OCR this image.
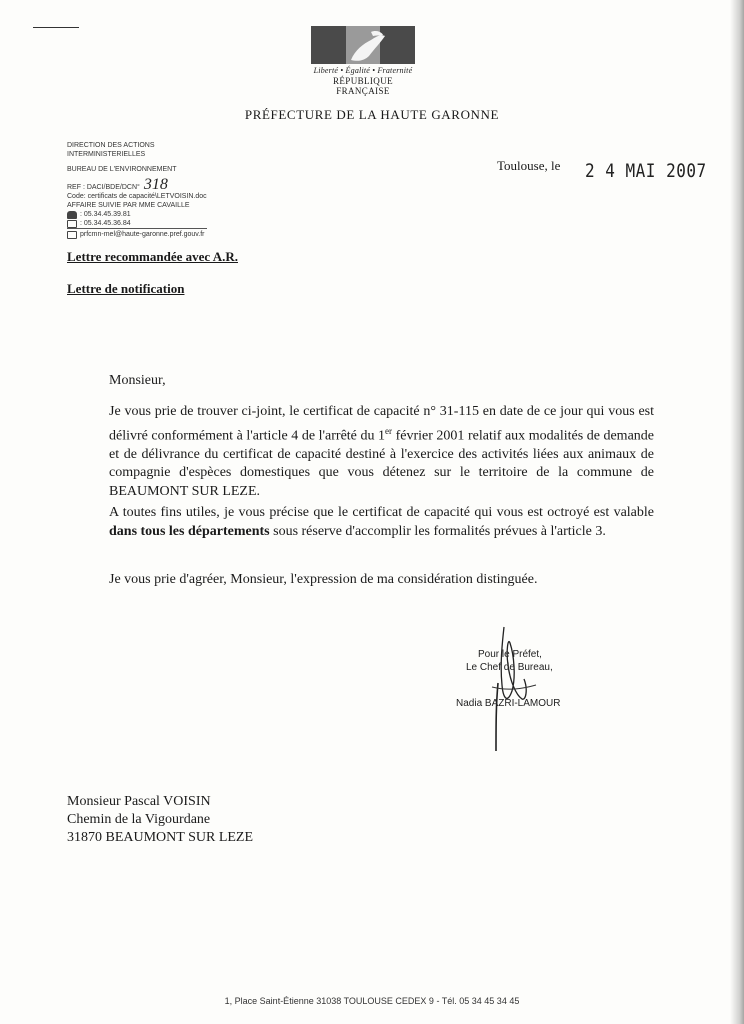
Liberté • Égalité • Fraternité
RÉPUBLIQUE FRANÇAISE
PRÉFECTURE DE LA HAUTE GARONNE
DIRECTION DES ACTIONS
INTERMINISTERIELLES
BUREAU DE L'ENVIRONNEMENT
REF : DACI/BDE/DCN° 318
Code: certificats de capacité\LETVOISIN.doc
AFFAIRE SUIVIE PAR MME CAVAILLE
: 05.34.45.39.81
: 05.34.45.36.84
prfcmn-mel@haute-garonne.pref.gouv.fr
Toulouse, le 2 4 MAI 2007
Lettre recommandée avec A.R.
Lettre de notification
Monsieur,
Je vous prie de trouver ci-joint, le certificat de capacité n° 31-115 en date de ce jour qui vous est délivré conformément à l'article 4 de l'arrêté du 1er février 2001 relatif aux modalités de demande et de délivrance du certificat de capacité destiné à l'exercice des activités liées aux animaux de compagnie d'espèces domestiques que vous détenez sur le territoire de la commune de BEAUMONT SUR LEZE.
A toutes fins utiles, je vous précise que le certificat de capacité qui vous est octroyé est valable dans tous les départements sous réserve d'accomplir les formalités prévues à l'article 3.
Je vous prie d'agréer, Monsieur, l'expression de ma considération distinguée.
Pour le Préfet,
Le Chef de Bureau,
Nadia BAZRI-LAMOUR
Monsieur Pascal VOISIN
Chemin de la Vigourdane
31870 BEAUMONT SUR LEZE
1, Place Saint-Étienne 31038 TOULOUSE CEDEX 9 - Tél. 05 34 45 34 45
